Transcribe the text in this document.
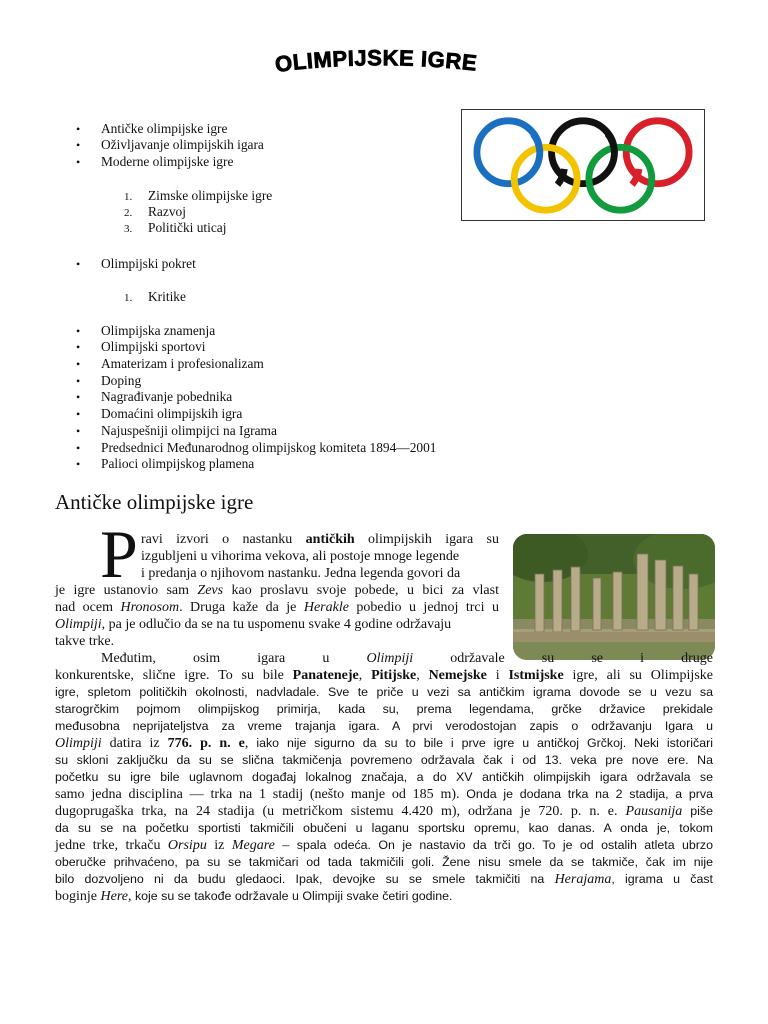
OLIMPIJSKE IGRE
• Antičke olimpijske igre
• Oživljavanje olimpijskih igara
• Moderne olimpijske igre
1. Zimske olimpijske igre
2. Razvoj
3. Politički uticaj
• Olimpijski pokret
1. Kritike
• Olimpijska znamenja
• Olimpijski sportovi
• Amaterizam i profesionalizam
• Doping
• Nagrađivanje pobednika
• Domaćini olimpijskih igra
• Najuspešniji olimpijci na Igrama
• Predsednici Međunarodnog olimpijskog komiteta 1894—2001
• Palioci olimpijskog plamena
Antičke olimpijske igre
P ravi izvori o nastanku antičkih olimpijskih igara su
izgubljeni u vihorima vekova, ali postoje mnoge legende
i predanja o njihovom nastanku. Jedna legenda govori da
je igre ustanovio sam Zevs kao proslavu svoje pobede, u bici za vlast
nad ocem Hronosom. Druga kaže da je Herakle pobedio u jednoj trci u
Olimpiji, pa je odlučio da se na tu uspomenu svake 4 godine održavaju
takve trke.
Međutim, osim igara u Olimpiji održavale su se i druge
konkurentske, slične igre. To su bile Panateneje, Pitijske, Nemejske i Istmijske igre, ali su Olimpijske
igre, spletom političkih okolnosti, nadvladale. Sve te priče u vezi sa antičkim igrama dovode se u vezu sa
starogrčkim pojmom olimpijskog primirja, kada su, prema legendama, grčke državice prekidale
međusobna neprijateljstva za vreme trajanja igara. A prvi verodostojan zapis o održavanju Igara u
Olimpiji datira iz 776. p. n. e, iako nije sigurno da su to bile i prve igre u antičkoj Grčkoj. Neki istoričari
su skloni zaključku da su se slična takmičenja povremeno održavala čak i od 13. veka pre nove ere. Na
početku su igre bile uglavnom događaj lokalnog značaja, a do XV antičkih olimpijskih igara održavala se
samo jedna disciplina — trka na 1 stadij (nešto manje od 185 m). Onda je dodana trka na 2 stadija, a prva
dugoprugaška trka, na 24 stadija (u metričkom sistemu 4.420 m), održana je 720. p. n. e. Pausanija piše
da su se na početku sportisti takmičili obučeni u laganu sportsku opremu, kao danas. A onda je, tokom
jedne trke, trkaču Orsipu iz Megare – spala odeća. On je nastavio da trči go. To je od ostalih atleta ubrzo
oberučke prihvaćeno, pa su se takmičari od tada takmičili goli. Žene nisu smele da se takmiče, čak im nije
bilo dozvoljeno ni da budu gledaoci. Ipak, devojke su se smele takmičiti na Herajama, igrama u čast
boginje Here, koje su se takođe održavale u Olimpiji svake četiri godine.
